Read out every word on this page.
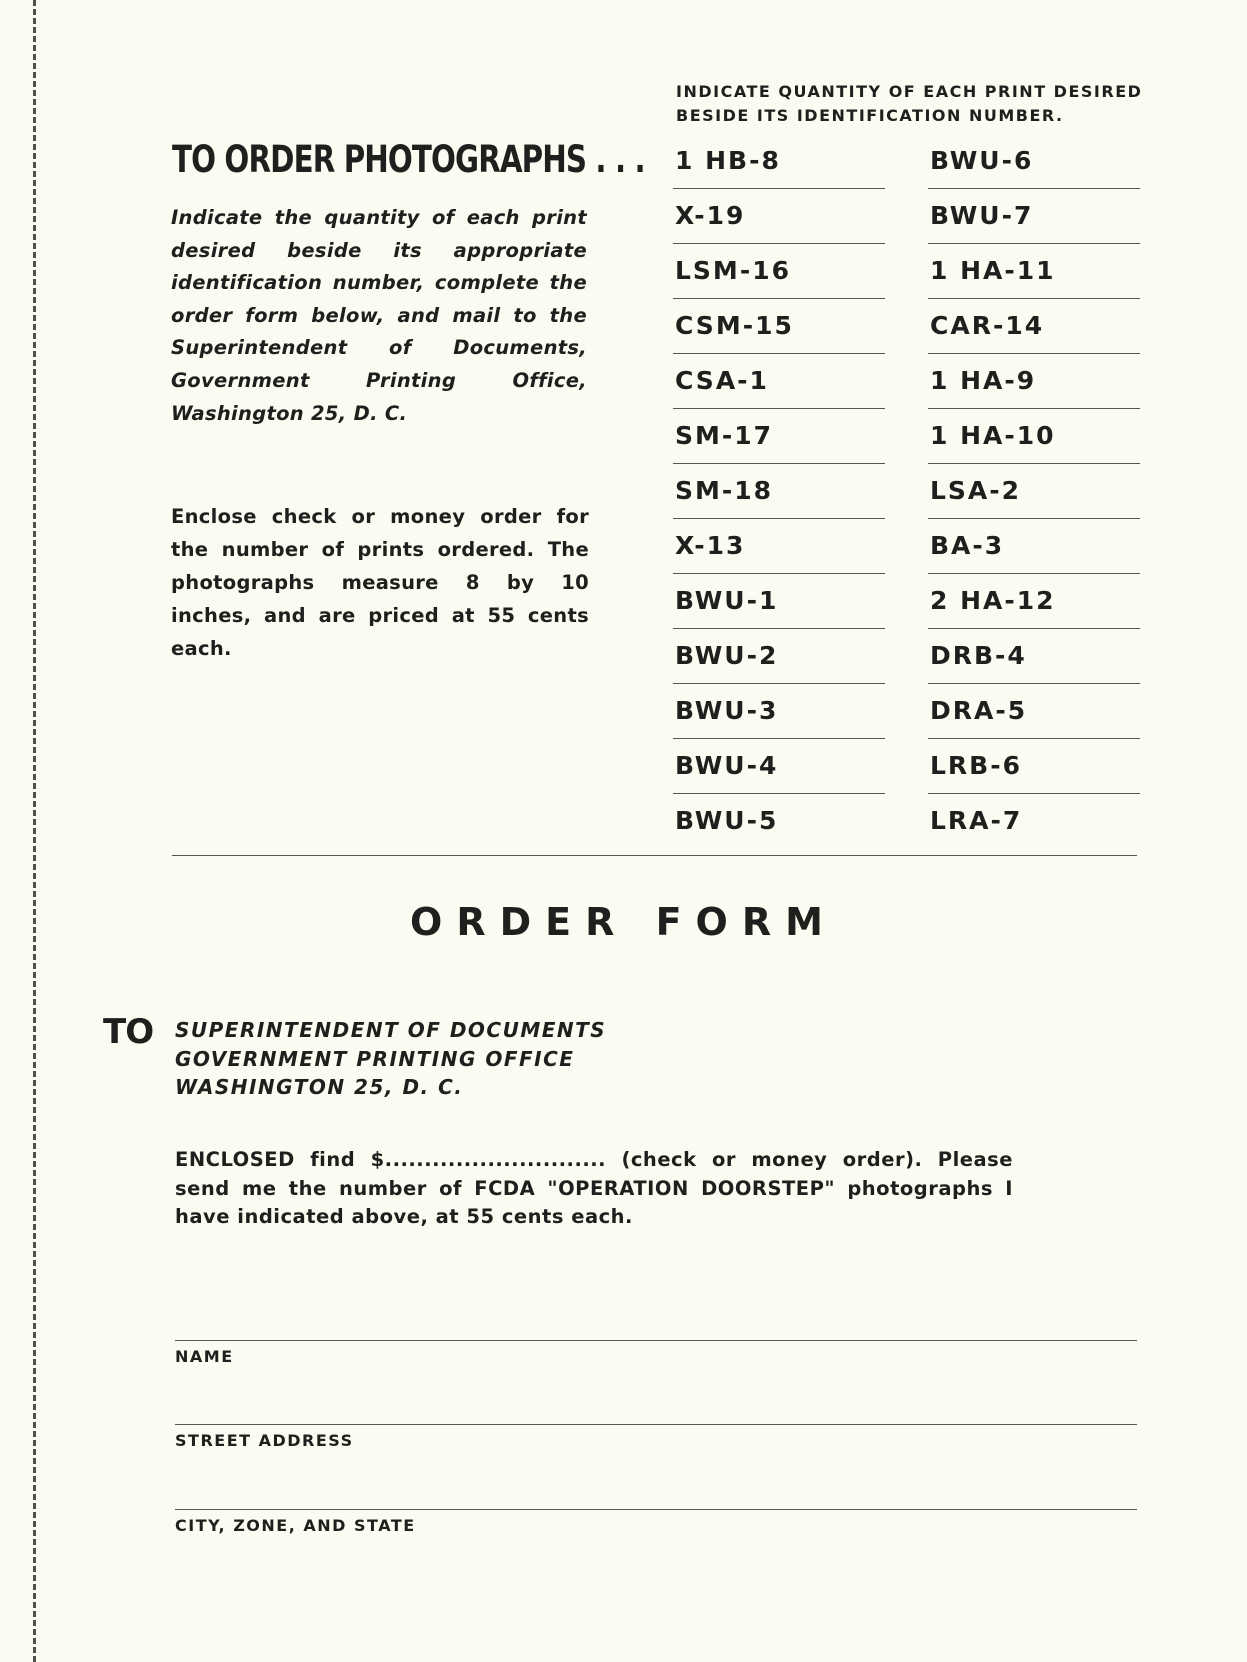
INDICATE QUANTITY OF EACH PRINT DESIRED
BESIDE ITS IDENTIFICATION NUMBER.
TO ORDER PHOTOGRAPHS . . .
Indicate the quantity of each print desired beside its appropriate identification number, complete the order form below, and mail to the Superintendent of Documents, Government Printing Office, Washington 25, D. C.
Enclose check or money order for the number of prints ordered. The photographs measure 8 by 10 inches, and are priced at 55 cents each.
1 HB-8
X-19
LSM-16
CSM-15
CSA-1
SM-17
SM-18
X-13
BWU-1
BWU-2
BWU-3
BWU-4
BWU-5
BWU-6
BWU-7
1 HA-11
CAR-14
1 HA-9
1 HA-10
LSA-2
BA-3
2 HA-12
DRB-4
DRA-5
LRB-6
LRA-7
ORDER FORM
TO SUPERINTENDENT OF DOCUMENTS
GOVERNMENT PRINTING OFFICE
WASHINGTON 25, D. C.
ENCLOSED find $............................ (check or money order). Please send me the number of FCDA "OPERATION DOORSTEP" photographs I have indicated above, at 55 cents each.
NAME
STREET ADDRESS
CITY, ZONE, AND STATE
